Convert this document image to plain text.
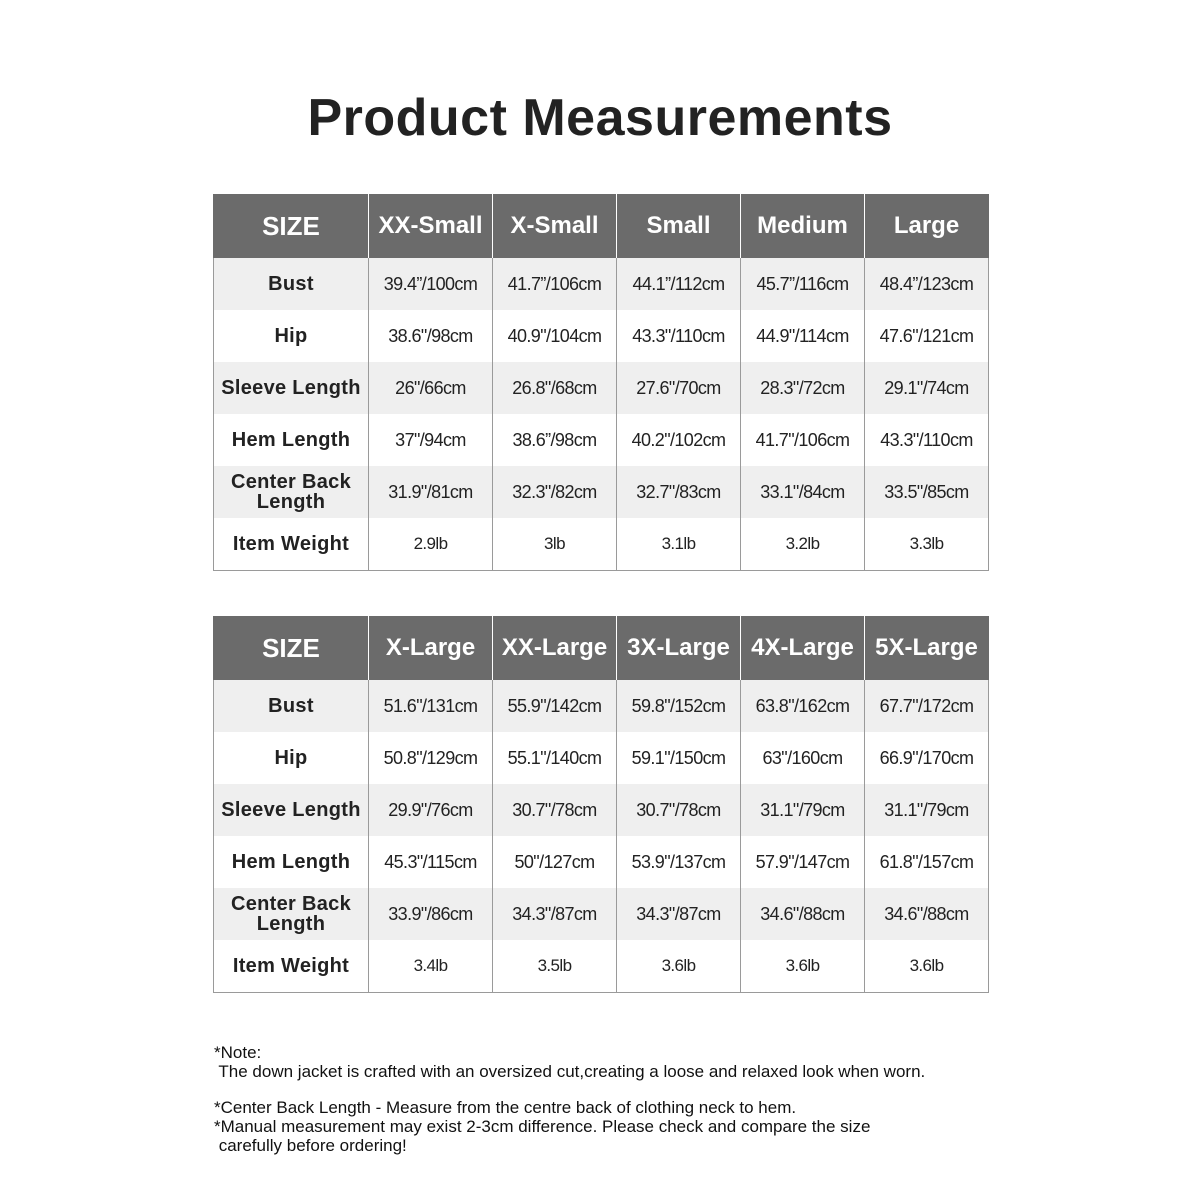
Product Measurements
SIZE	XX-Small	X-Small	Small	Medium	Large
Bust	39.4”/100cm	41.7”/106cm	44.1”/112cm	45.7”/116cm	48.4”/123cm
Hip	38.6"/98cm	40.9"/104cm	43.3"/110cm	44.9"/114cm	47.6"/121cm
Sleeve Length	26"/66cm	26.8"/68cm	27.6"/70cm	28.3"/72cm	29.1"/74cm
Hem Length	37"/94cm	38.6”/98cm	40.2"/102cm	41.7"/106cm	43.3"/110cm
Center Back Length	31.9"/81cm	32.3"/82cm	32.7"/83cm	33.1"/84cm	33.5"/85cm
Item Weight	2.9lb	3lb	3.1lb	3.2lb	3.3lb
SIZE	X-Large	XX-Large	3X-Large	4X-Large	5X-Large
Bust	51.6"/131cm	55.9"/142cm	59.8"/152cm	63.8"/162cm	67.7"/172cm
Hip	50.8"/129cm	55.1"/140cm	59.1"/150cm	63"/160cm	66.9"/170cm
Sleeve Length	29.9"/76cm	30.7"/78cm	30.7"/78cm	31.1"/79cm	31.1"/79cm
Hem Length	45.3"/115cm	50"/127cm	53.9"/137cm	57.9"/147cm	61.8"/157cm
Center Back Length	33.9"/86cm	34.3"/87cm	34.3"/87cm	34.6"/88cm	34.6"/88cm
Item Weight	3.4lb	3.5lb	3.6lb	3.6lb	3.6lb

*Note:

The down jacket is crafted with an oversized cut,creating a loose and relaxed look when worn.

*Center Back Length - Measure from the centre back of clothing neck to hem.

*Manual measurement may exist 2-3cm difference. Please check and compare the size

carefully before ordering!
